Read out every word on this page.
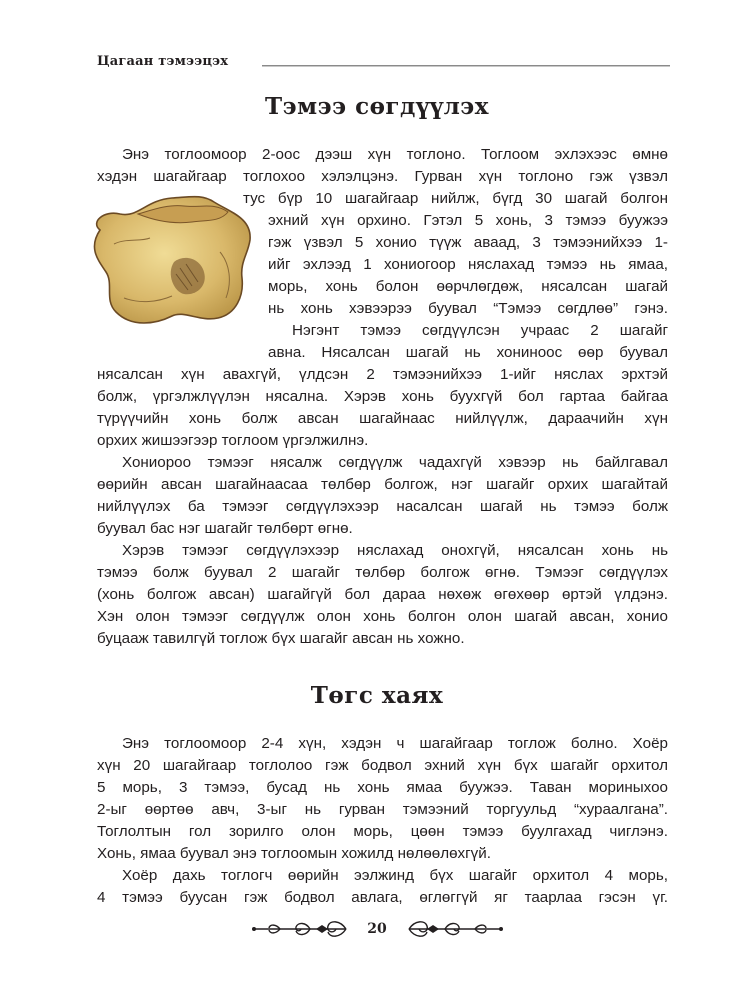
Цагаан тэмээцэх
Тэмээ сөгдүүлэх
Энэ тоглоомоор 2-оос дээш хүн тоглоно. Тоглоом эхлэхээс өмнө
хэдэн шагайгаар тоглохоо хэлэлцэнэ. Гурван хүн тоглоно гэж үзвэл
тус бүр 10 шагайгаар нийлж, бүгд 30 шагай болгон
эхний хүн орхино. Гэтэл 5 хонь, 3 тэмээ буужээ
гэж үзвэл 5 хонио түүж аваад, 3 тэмээнийхээ 1-
ийг эхлээд 1 хониогоор няслахад тэмээ нь ямаа,
морь, хонь болон өөрчлөгдөж, нясалсан шагай
нь хонь хэвээрээ буувал “Тэмээ сөгдлөө” гэнэ.
Нэгэнт тэмээ сөгдүүлсэн учраас 2 шагайг
авна. Нясалсан шагай нь хониноос өөр буувал
нясалсан хүн авахгүй, үлдсэн 2 тэмээнийхээ 1-ийг няслах эрхтэй
болж, үргэлжлүүлэн нясална. Хэрэв хонь буухгүй бол гартаа байгаа
түрүүчийн хонь болж авсан шагайнаас нийлүүлж, дараачийн хүн
орхих жишээгээр тоглоом үргэлжилнэ.
Хониороо тэмээг нясалж сөгдүүлж чадахгүй хэвээр нь байлгавал
өөрийн авсан шагайнаасаа төлбөр болгож, нэг шагайг орхих шагайтай
нийлүүлэх ба тэмээг сөгдүүлэхээр насалсан шагай нь тэмээ болж
буувал бас нэг шагайг төлбөрт өгнө.
Хэрэв тэмээг сөгдүүлэхээр няслахад онохгүй, нясалсан хонь нь
тэмээ болж буувал 2 шагайг төлбөр болгож өгнө. Тэмээг сөгдүүлэх
(хонь болгож авсан) шагайгүй бол дараа нөхөж өгөхөөр өртэй үлдэнэ.
Хэн олон тэмээг сөгдүүлж олон хонь болгон олон шагай авсан, хонио
буцааж тавилгүй тоглож бүх шагайг авсан нь хожно.
Төгс хаях
Энэ тоглоомоор 2-4 хүн, хэдэн ч шагайгаар тоглож болно. Хоёр
хүн 20 шагайгаар тоглолоо гэж бодвол эхний хүн бүх шагайг орхитол
5 морь, 3 тэмээ, бусад нь хонь ямаа буужээ. Таван мориныхоо
2-ыг өөртөө авч, 3-ыг нь гурван тэмээний торгуульд “хураалгана”.
Тоглолтын гол зорилго олон морь, цөөн тэмээ буулгахад чиглэнэ.
Хонь, ямаа буувал энэ тоглоомын хожилд нөлөөлөхгүй.
Хоёр дахь тоглогч өөрийн ээлжинд бүх шагайг орхитол 4 морь,
4 тэмээ буусан гэж бодвол авлага, өглөггүй яг таарлаа гэсэн үг.
20
